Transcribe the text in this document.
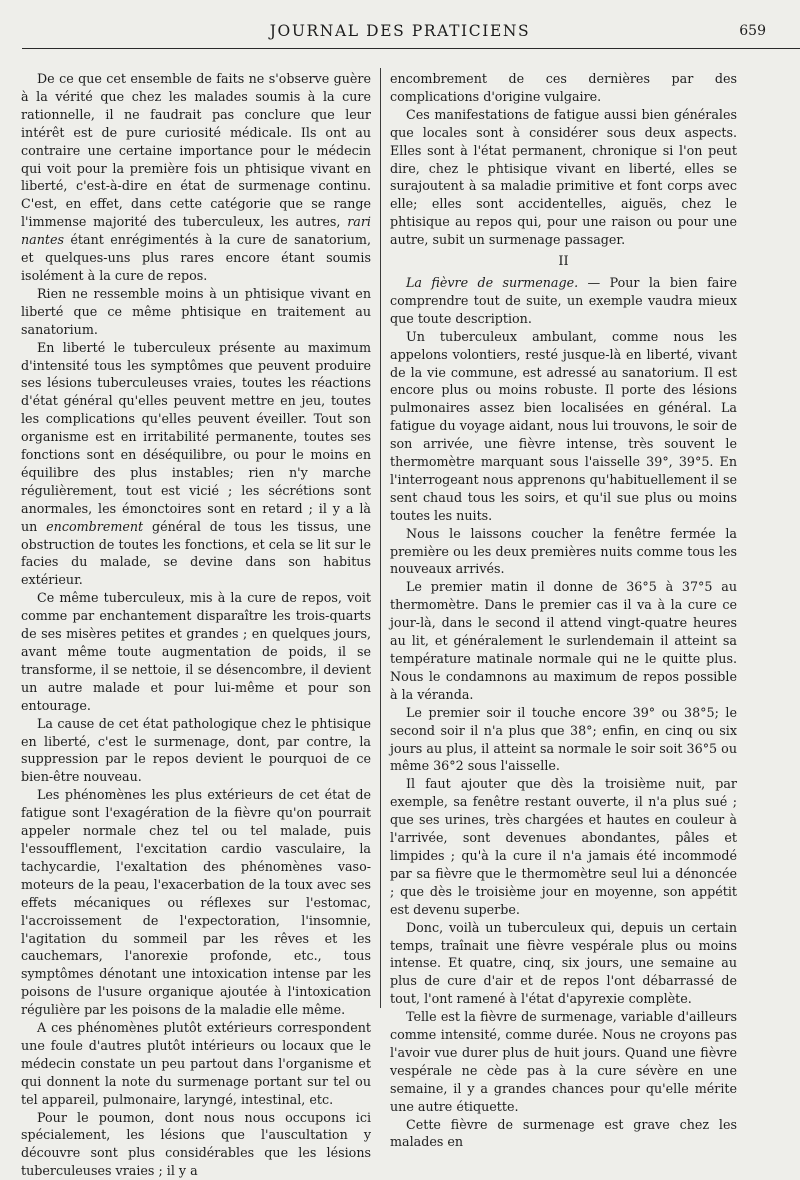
JOURNAL DES PRATICIENS	659

De ce que cet ensemble de faits ne s'observe guère à la vérité que chez les malades soumis à la cure rationnelle, il ne faudrait pas conclure que leur intérêt est de pure curiosité médicale. Ils ont au contraire une certaine importance pour le médecin qui voit pour la première fois un phtisique vivant en liberté, c'est-à-dire en état de surmenage continu. C'est, en effet, dans cette catégorie que se range l'immense majorité des tuberculeux, les autres, rari nantes étant enrégimentés à la cure de sanatorium, et quelques-uns plus rares encore étant soumis isolément à la cure de repos.

Rien ne ressemble moins à un phtisique vivant en liberté que ce même phtisique en traitement au sanatorium.

En liberté le tuberculeux présente au maximum d'intensité tous les symptômes que peuvent produire ses lésions tuberculeuses vraies, toutes les réactions d'état général qu'elles peuvent mettre en jeu, toutes les complications qu'elles peuvent éveiller. Tout son organisme est en irritabilité permanente, toutes ses fonctions sont en déséquilibre, ou pour le moins en équilibre des plus instables; rien n'y marche régulièrement, tout est vicié ; les sécrétions sont anormales, les émonctoires sont en retard ; il y a là un encombrement général de tous les tissus, une obstruction de toutes les fonctions, et cela se lit sur le facies du malade, se devine dans son habitus extérieur.

Ce même tuberculeux, mis à la cure de repos, voit comme par enchantement disparaître les trois-quarts de ses misères petites et grandes ; en quelques jours, avant même toute augmentation de poids, il se transforme, il se nettoie, il se désencombre, il devient un autre malade et pour lui-même et pour son entourage.

La cause de cet état pathologique chez le phtisique en liberté, c'est le surmenage, dont, par contre, la suppression par le repos devient le pourquoi de ce bien-être nouveau.

Les phénomènes les plus extérieurs de cet état de fatigue sont l'exagération de la fièvre qu'on pourrait appeler normale chez tel ou tel malade, puis l'essoufflement, l'excitation cardio vasculaire, la tachycardie, l'exaltation des phénomènes vaso-moteurs de la peau, l'exacerbation de la toux avec ses effets mécaniques ou réflexes sur l'estomac, l'accroissement de l'expectoration, l'insomnie, l'agitation du sommeil par les rêves et les cauchemars, l'anorexie profonde, etc., tous symptômes dénotant une intoxication intense par les poisons de l'usure organique ajoutée à l'intoxication régulière par les poisons de la maladie elle même.

A ces phénomènes plutôt extérieurs correspondent une foule d'autres plutôt intérieurs ou locaux que le médecin constate un peu partout dans l'organisme et qui donnent la note du surmenage portant sur tel ou tel appareil, pulmonaire, laryngé, intestinal, etc.

Pour le poumon, dont nous nous occupons ici spécialement, les lésions que l'auscultation y découvre sont plus considérables que les lésions tuberculeuses vraies ; il y a

encombrement de ces dernières par des complications d'origine vulgaire.

Ces manifestations de fatigue aussi bien générales que locales sont à considérer sous deux aspects. Elles sont à l'état permanent, chronique si l'on peut dire, chez le phtisique vivant en liberté, elles se surajoutent à sa maladie primitive et font corps avec elle; elles sont accidentelles, aiguës, chez le phtisique au repos qui, pour une raison ou pour une autre, subit un surmenage passager.

II

La fièvre de surmenage. — Pour la bien faire comprendre tout de suite, un exemple vaudra mieux que toute description.

Un tuberculeux ambulant, comme nous les appelons volontiers, resté jusque-là en liberté, vivant de la vie commune, est adressé au sanatorium. Il est encore plus ou moins robuste. Il porte des lésions pulmonaires assez bien localisées en général. La fatigue du voyage aidant, nous lui trouvons, le soir de son arrivée, une fièvre intense, très souvent le thermomètre marquant sous l'aisselle 39°, 39°5. En l'interrogeant nous apprenons qu'habituellement il se sent chaud tous les soirs, et qu'il sue plus ou moins toutes les nuits.

Nous le laissons coucher la fenêtre fermée la première ou les deux premières nuits comme tous les nouveaux arrivés.

Le premier matin il donne de 36°5 à 37°5 au thermomètre. Dans le premier cas il va à la cure ce jour-là, dans le second il attend vingt-quatre heures au lit, et généralement le surlendemain il atteint sa température matinale normale qui ne le quitte plus. Nous le condamnons au maximum de repos possible à la véranda.

Le premier soir il touche encore 39° ou 38°5; le second soir il n'a plus que 38°; enfin, en cinq ou six jours au plus, il atteint sa normale le soir soit 36°5 ou même 36°2 sous l'aisselle.

Il faut ajouter que dès la troisième nuit, par exemple, sa fenêtre restant ouverte, il n'a plus sué ; que ses urines, très chargées et hautes en couleur à l'arrivée, sont devenues abondantes, pâles et limpides ; qu'à la cure il n'a jamais été incommodé par sa fièvre que le thermomètre seul lui a dénoncée ; que dès le troisième jour en moyenne, son appétit est devenu superbe.

Donc, voilà un tuberculeux qui, depuis un certain temps, traînait une fièvre vespérale plus ou moins intense. Et quatre, cinq, six jours, une semaine au plus de cure d'air et de repos l'ont débarrassé de tout, l'ont ramené à l'état d'apyrexie complète.

Telle est la fièvre de surmenage, variable d'ailleurs comme intensité, comme durée. Nous ne croyons pas l'avoir vue durer plus de huit jours. Quand une fièvre vespérale ne cède pas à la cure sévère en une semaine, il y a grandes chances pour qu'elle mérite une autre étiquette.

Cette fièvre de surmenage est grave chez les malades en
